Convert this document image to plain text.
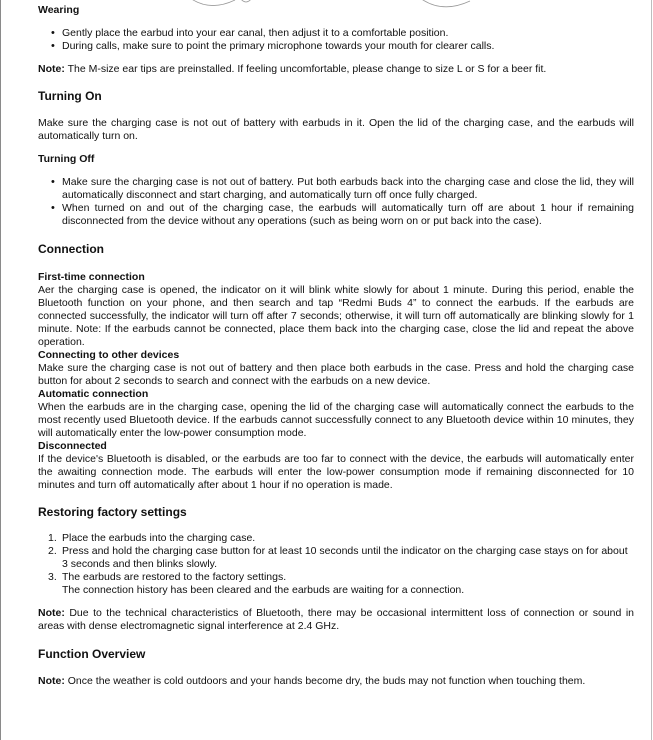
Wearing
• Gently place the earbud into your ear canal, then adjust it to a comfortable position.
• During calls, make sure to point the primary microphone towards your mouth for clearer calls.

Note: The M-size ear tips are preinstalled. If feeling uncomfortable, please change to size L or S for a beer fit.

Turning On

Make sure the charging case is not out of battery with earbuds in it. Open the lid of the charging case, and the earbuds will automatically turn on.

Turning Off
• Make sure the charging case is not out of battery. Put both earbuds back into the charging case and close the lid, they will automatically disconnect and start charging, and automatically turn off once fully charged.
• When turned on and out of the charging case, the earbuds will automatically turn off are about 1 hour if remaining disconnected from the device without any operations (such as being worn on or put back into the case).
Connection
First-time connection

Aer the charging case is opened, the indicator on it will blink white slowly for about 1 minute. During this period, enable the Bluetooth function on your phone, and then search and tap “Redmi Buds 4” to connect the earbuds. If the earbuds are connected successfully, the indicator will turn off after 7 seconds; otherwise, it will turn off automatically are blinking slowly for 1 minute. Note: If the earbuds cannot be connected, place them back into the charging case, close the lid and repeat the above operation.

Connecting to other devices

Make sure the charging case is not out of battery and then place both earbuds in the case. Press and hold the charging case button for about 2 seconds to search and connect with the earbuds on a new device.

Automatic connection

When the earbuds are in the charging case, opening the lid of the charging case will automatically connect the earbuds to the most recently used Bluetooth device. If the earbuds cannot successfully connect to any Bluetooth device within 10 minutes, they will automatically enter the low-power consumption mode.

Disconnected

If the device's Bluetooth is disabled, or the earbuds are too far to connect with the device, the earbuds will automatically enter the awaiting connection mode. The earbuds will enter the low-power consumption mode if remaining disconnected for 10 minutes and turn off automatically after about 1 hour if no operation is made.

Restoring factory settings
1. Place the earbuds into the charging case.
2. Press and hold the charging case button for at least 10 seconds until the indicator on the charging case stays on for about 3 seconds and then blinks slowly.
3. The earbuds are restored to the factory settings.
The connection history has been cleared and the earbuds are waiting for a connection.

Note: Due to the technical characteristics of Bluetooth, there may be occasional intermittent loss of connection or sound in areas with dense electromagnetic signal interference at 2.4 GHz.

Function Overview

Note: Once the weather is cold outdoors and your hands become dry, the buds may not function when touching them.
